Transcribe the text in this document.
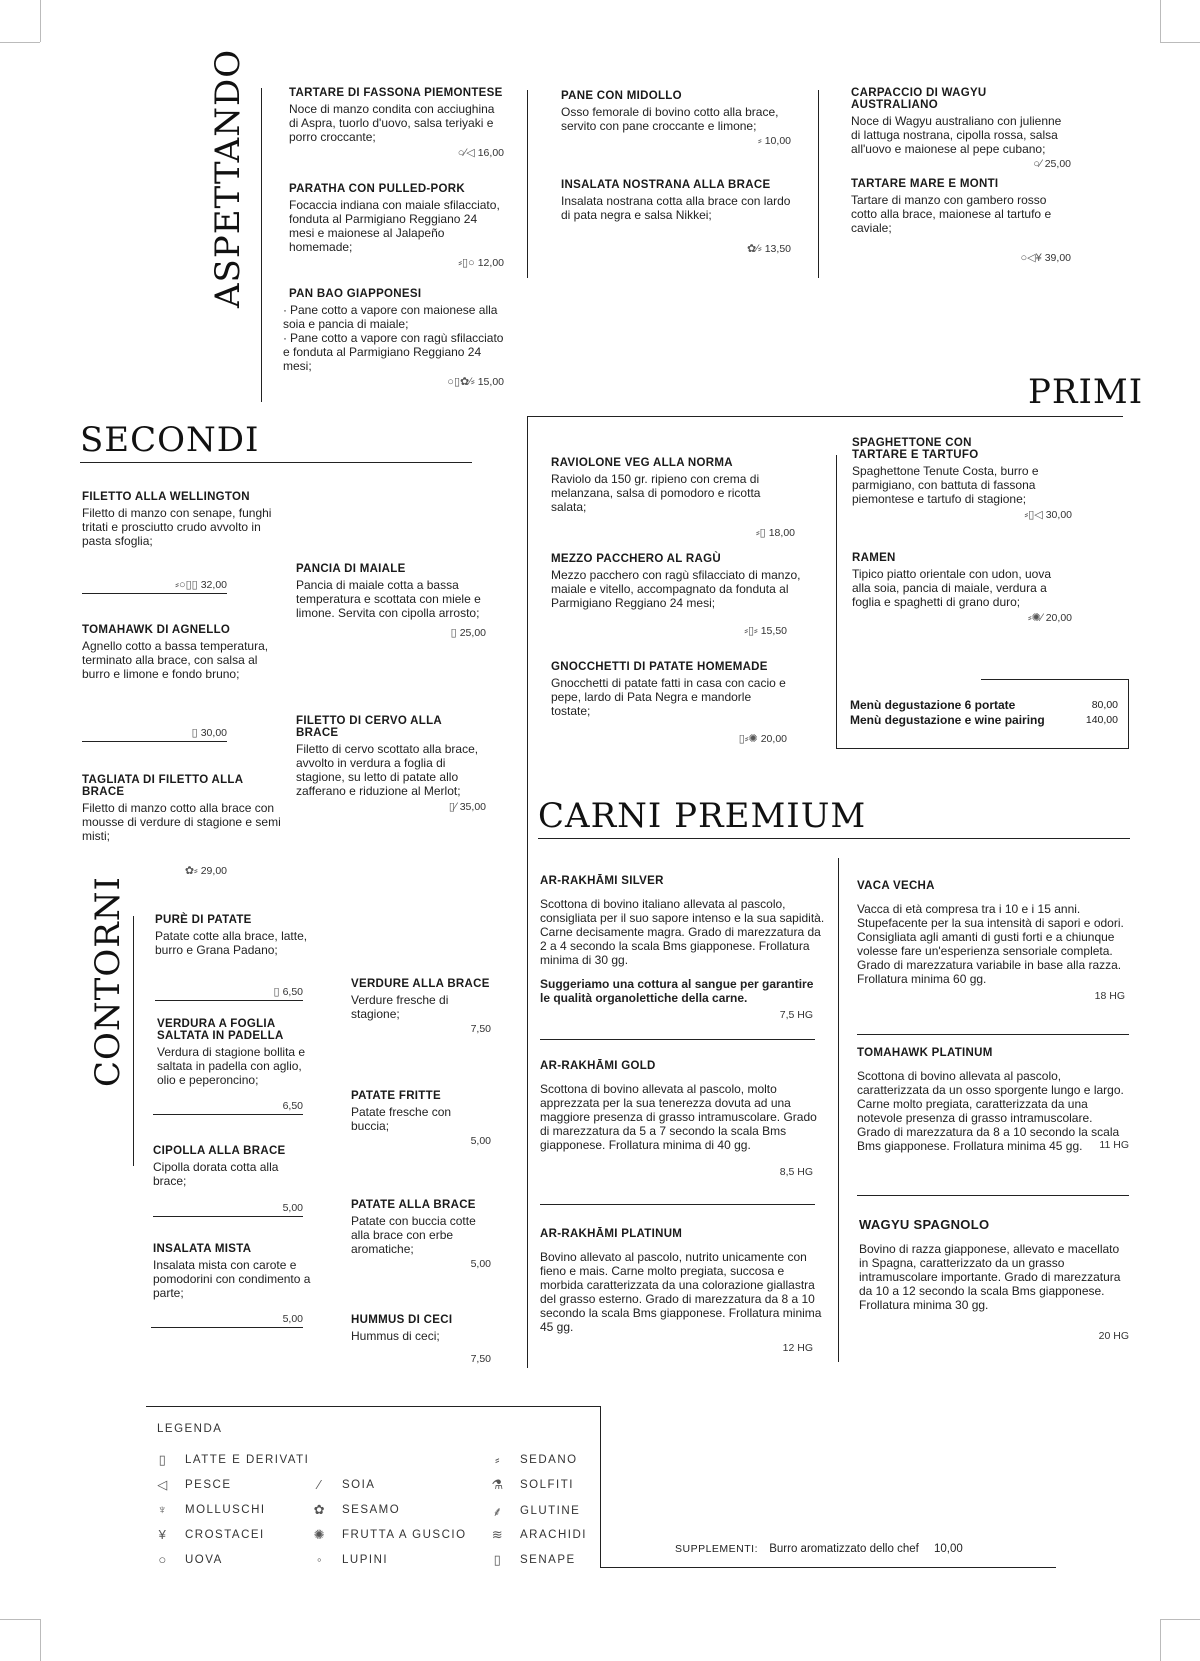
ASPETTANDO	TARTARE DI FASSONA PIEMONTESE
Noce di manzo condita con acciughina di Aspra, tuorlo d'uovo, salsa teriyaki e porro croccante;
○⁄◁ 16,00
PARATHA CON PULLED-PORK
Focaccia indiana con maiale sfilacciato, fonduta al Parmigiano Reggiano 24 mesi e maionese al Jalapeño homemade;
⸗▯○ 12,00
PAN BAO GIAPPONESI
· Pane cotto a vapore con maionese alla soia e pancia di maiale;
· Pane cotto a vapore con ragù sfilacciato e fonduta al Parmigiano Reggiano 24 mesi;
○▯✿⁄⸗ 15,00
PANE CON MIDOLLO
Osso femorale di bovino cotto alla brace, servito con pane croccante e limone;
⸗ 10,00
INSALATA NOSTRANA ALLA BRACE
Insalata nostrana cotta alla brace con lardo di pata negra e salsa Nikkei;
✿⁄⸗ 13,50
CARPACCIO DI WAGYU AUSTRALIANO
Noce di Wagyu australiano con julienne di lattuga nostrana, cipolla rossa, salsa all'uovo e maionese al pepe cubano;
○⁄ 25,00
TARTARE MARE E MONTI
Tartare di manzo con gambero rosso cotto alla brace, maionese al tartufo e caviale;
○◁¥ 39,00
SECONDI
FILETTO ALLA WELLINGTON
Filetto di manzo con senape, funghi tritati e prosciutto crudo avvolto in pasta sfoglia;
⸗○▯▯ 32,00
TOMAHAWK DI AGNELLO
Agnello cotto a bassa temperatura, terminato alla brace, con salsa al burro e limone e fondo bruno;
▯ 30,00
TAGLIATA DI FILETTO ALLA BRACE
Filetto di manzo cotto alla brace con mousse di verdure di stagione e semi misti;
✿⸗ 29,00
PANCIA DI MAIALE
Pancia di maiale cotta a bassa temperatura e scottata con miele e limone. Servita con cipolla arrosto;
▯ 25,00
FILETTO DI CERVO ALLA BRACE
Filetto di cervo scottato alla brace, avvolto in verdura a foglia di stagione, su letto di patate allo zafferano e riduzione al Merlot;
▯⁄ 35,00
PRIMI
RAVIOLONE VEG ALLA NORMA
Raviolo da 150 gr. ripieno con crema di melanzana, salsa di pomodoro e ricotta salata;
⸗▯ 18,00
MEZZO PACCHERO AL RAGÙ
Mezzo pacchero con ragù sfilacciato di manzo, maiale e vitello, accompagnato da fonduta al Parmigiano Reggiano 24 mesi;
⸗▯⸗ 15,50
GNOCCHETTI DI PATATE HOMEMADE
Gnocchetti di patate fatti in casa con cacio e pepe, lardo di Pata Negra e mandorle tostate;
▯⸗✺ 20,00
SPAGHETTONE CON
TARTARE E TARTUFO
Spaghettone Tenute Costa, burro e parmigiano, con battuta di fassona piemontese e tartufo di stagione;
⸗▯◁ 30,00
RAMEN
Tipico piatto orientale con udon, uova alla soia, pancia di maiale, verdura a foglia e spaghetti di grano duro;
⸗✺⁄ 20,00
Menù degustazione 6 portate	80,00
Menù degustazione e wine pairing	140,00
CONTORNI PURÈ DI PATATE
Patate cotte alla brace, latte, burro e Grana Padano;
▯ 6,50
VERDURA A FOGLIA
SALTATA IN PADELLA
Verdura di stagione bollita e saltata in padella con aglio, olio e peperoncino;
6,50
CIPOLLA ALLA BRACE
Cipolla dorata cotta alla brace;
5,00
INSALATA MISTA
Insalata mista con carote e pomodorini con condimento a parte;
5,00
VERDURE ALLA BRACE
Verdure fresche di stagione;
7,50
PATATE FRITTE
Patate fresche con buccia;
5,00
PATATE ALLA BRACE
Patate con buccia cotte alla brace con erbe aromatiche;
5,00
HUMMUS DI CECI
Hummus di ceci;
7,50
CARNI PREMIUM
AR-RAKHĀMI SILVER
Scottona di bovino italiano allevata al pascolo, consigliata per il suo sapore intenso e la sua sapidità. Carne decisamente magra. Grado di marezzatura da 2 a 4 secondo la scala Bms giapponese. Frollatura minima di 30 gg.
Suggeriamo una cottura al sangue per garantire le qualità organolettiche della carne.
7,5 HG
AR-RAKHĀMI GOLD
Scottona di bovino allevata al pascolo, molto apprezzata per la sua tenerezza dovuta ad una maggiore presenza di grasso intramuscolare. Grado di marezzatura da 5 a 7 secondo la scala Bms giapponese. Frollatura minima di 40 gg.
8,5 HG
AR-RAKHĀMI PLATINUM
Bovino allevato al pascolo, nutrito unicamente con fieno e mais. Carne molto pregiata, succosa e morbida caratterizzata da una colorazione giallastra del grasso esterno. Grado di marezzatura da 8 a 10 secondo la scala Bms giapponese. Frollatura minima 45 gg.
12 HG
VACA VECHA
Vacca di età compresa tra i 10 e i 15 anni. Stupefacente per la sua intensità di sapori e odori. Consigliata agli amanti di gusti forti e a chiunque volesse fare un'esperienza sensoriale completa. Grado di marezzatura variabile in base alla razza. Frollatura minima 60 gg.
18 HG
TOMAHAWK PLATINUM
Scottona di bovino allevata al pascolo, caratterizzata da un osso sporgente lungo e largo. Carne molto pregiata, caratterizzata da una notevole presenza di grasso intramuscolare. Grado di marezzatura da 8 a 10 secondo la scala Bms giapponese. Frollatura minima 45 gg.	11 HG
WAGYU SPAGNOLO
Bovino di razza giapponese, allevato e macellato in Spagna, caratterizzato da un grasso intramuscolare importante. Grado di marezzatura da 10 a 12 secondo la scala Bms giapponese. Frollatura minima 30 gg.
20 HG
LEGENDA
▯	LATTE E DERIVATI
◁ PESCE
♆ MOLLUSCHI
¥	CROSTACEI
○ UOVA
⁄	SOIA
✿ SESAMO
✺ FRUTTA A GUSCIO
◦	LUPINI
⸗	SEDANO
⚗ SOLFITI
⸙ GLUTINE
≋ ARACHIDI
▯	SENAPE
SUPPLEMENTI: Burro aromatizzato dello chef 10,00
